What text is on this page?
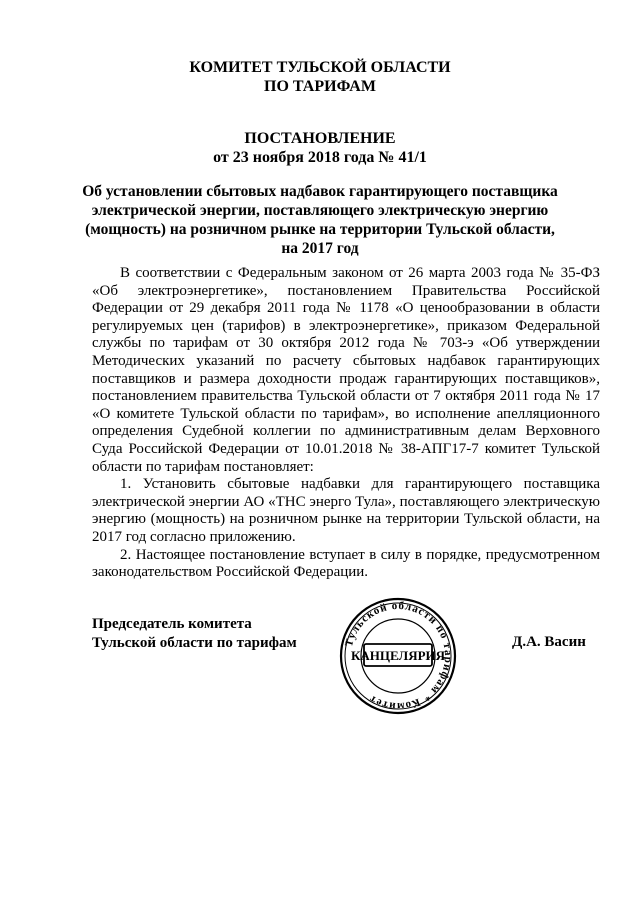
КОМИТЕТ ТУЛЬСКОЙ ОБЛАСТИ
ПО ТАРИФАМ
ПОСТАНОВЛЕНИЕ
от 23 ноября 2018 года № 41/1
Об установлении сбытовых надбавок гарантирующего поставщика
электрической энергии, поставляющего электрическую энергию
(мощность) на розничном рынке на территории Тульской области,
на 2017 год

В соответствии с Федеральным законом от 26 марта 2003 года № 35-ФЗ «Об электроэнергетике», постановлением Правительства Российской Федерации от 29 декабря 2011 года № 1178 «О ценообразовании в области регулируемых цен (тарифов) в электроэнергетике», приказом Федеральной службы по тарифам от 30 октября 2012 года № 703-э «Об утверждении Методических указаний по расчету сбытовых надбавок гарантирующих поставщиков и размера доходности продаж гарантирующих поставщиков», постановлением правительства Тульской области от 7 октября 2011 года № 17 «О комитете Тульской области по тарифам», во исполнение апелляционного определения Судебной коллегии по административным делам Верховного Суда Российской Федерации от 10.01.2018 № 38-АПГ17-7 комитет Тульской области по тарифам постановляет:

1. Установить сбытовые надбавки для гарантирующего поставщика электрической энергии АО «ТНС энерго Тула», поставляющего электрическую энергию (мощность) на розничном рынке на территории Тульской области, на 2017 год согласно приложению.

2. Настоящее постановление вступает в силу в порядке, предусмотренном законодательством Российской Федерации.

Председатель комитета
Тульской области по тарифам	Тульской области по тарифам * Комитет
КАНЦЕЛЯРИЯ
Д.А. Васин
